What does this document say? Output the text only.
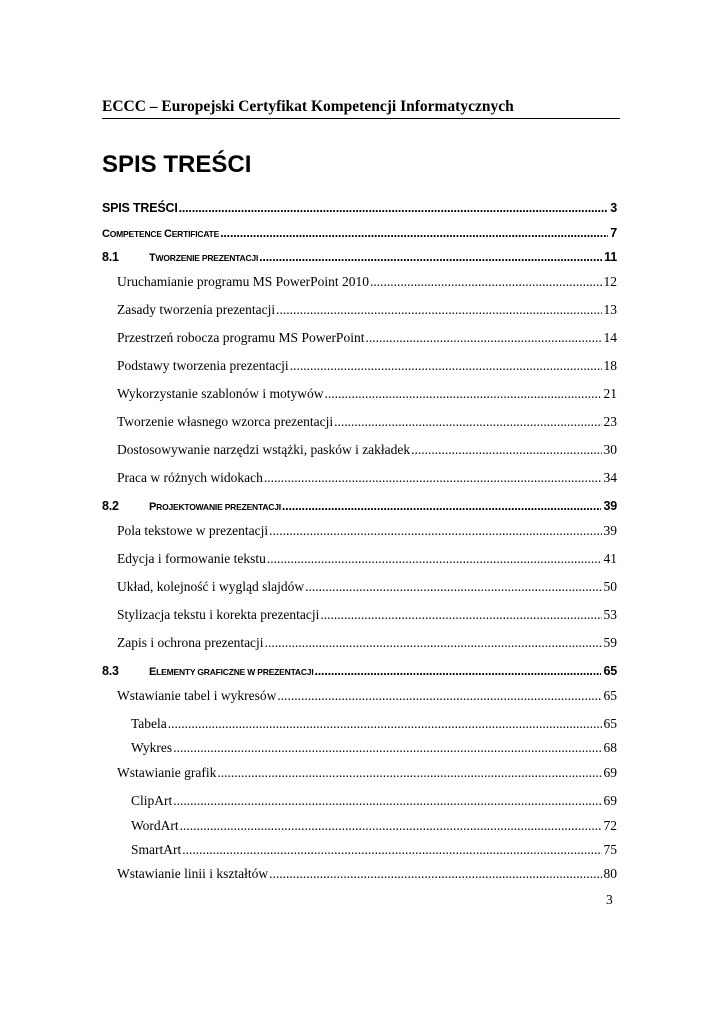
ECCC – Europejski Certyfikat Kompetencji Informatycznych
SPIS TREŚCI
SPIS TREŚCI .....	3
COMPETENCE CERTIFICATE .....	7
8.1	TWORZENIE PREZENTACJI .....	11
Uruchamianie programu MS PowerPoint 2010 .....	12
Zasady tworzenia prezentacji .....	13
Przestrzeń robocza programu MS PowerPoint .....	14
Podstawy tworzenia prezentacji .....	18
Wykorzystanie szablonów i motywów .....	21
Tworzenie własnego wzorca prezentacji .....	23
Dostosowywanie narzędzi wstążki, pasków i zakładek .....	30
Praca w różnych widokach .....	34
8.2	PROJEKTOWANIE PREZENTACJI .....	39
Pola tekstowe w prezentacji .....	39
Edycja i formowanie tekstu .....	41
Układ, kolejność i wygląd slajdów .....	50
Stylizacja tekstu i korekta prezentacji .....	53
Zapis i ochrona prezentacji .....	59
8.3	ELEMENTY GRAFICZNE W PREZENTACJI .....	65
Wstawianie tabel i wykresów .....	65
Tabela .....	65
Wykres .....	68
Wstawianie grafik .....	69
ClipArt .....	69
WordArt .....	72
SmartArt .....	75
Wstawianie linii i kształtów .....	80
3
